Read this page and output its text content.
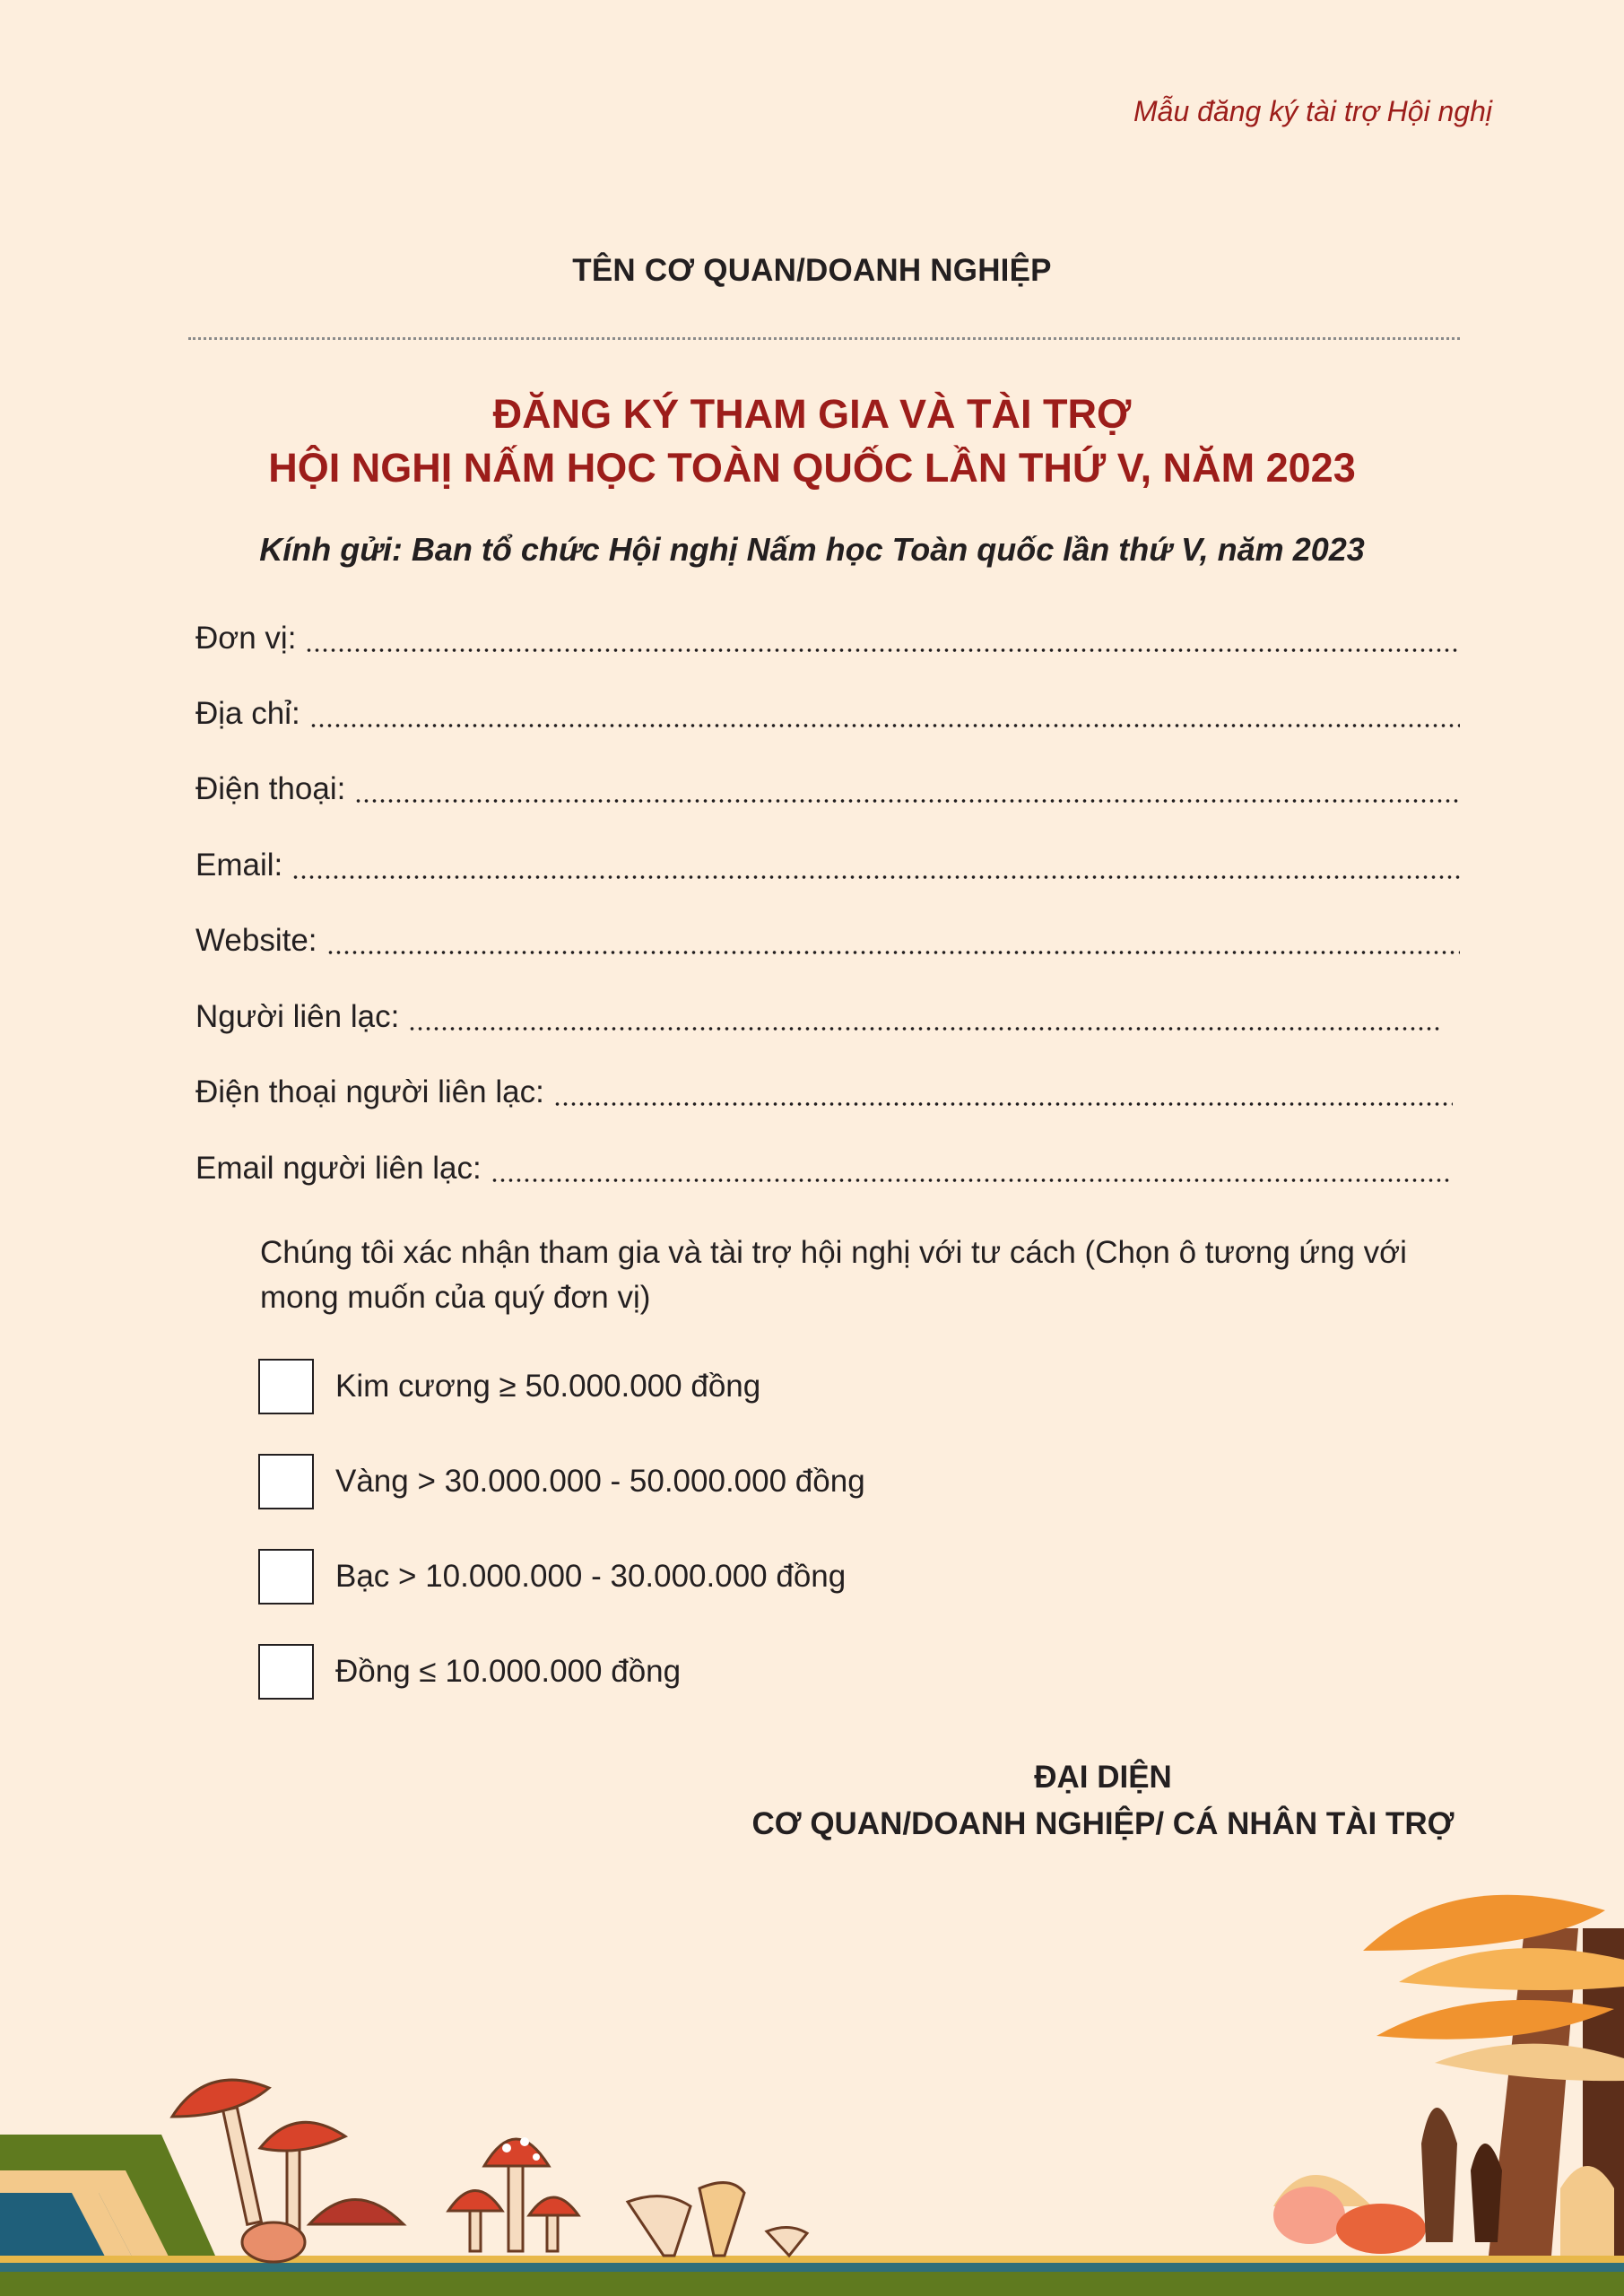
Mẫu đăng ký tài trợ Hội nghị
TÊN CƠ QUAN/DOANH NGHIỆP
ĐĂNG KÝ THAM GIA VÀ TÀI TRỢ
HỘI NGHỊ NẤM HỌC TOÀN QUỐC LẦN THỨ V, NĂM 2023
Kính gửi: Ban tổ chức Hội nghị Nấm học Toàn quốc lần thứ V, năm 2023
Đơn vị:
Địa chỉ:
Điện thoại:
Email:
Website:
Người liên lạc:
Điện thoại người liên lạc:
Email người liên lạc:
Chúng tôi xác nhận tham gia và tài trợ hội nghị với tư cách (Chọn ô tương ứng với mong muốn của quý đơn vị)
Kim cương ≥ 50.000.000 đồng
Vàng > 30.000.000 - 50.000.000 đồng
Bạc > 10.000.000 - 30.000.000 đồng
Đồng ≤ 10.000.000 đồng
ĐẠI DIỆN
CƠ QUAN/DOANH NGHIỆP/ CÁ NHÂN TÀI TRỢ
